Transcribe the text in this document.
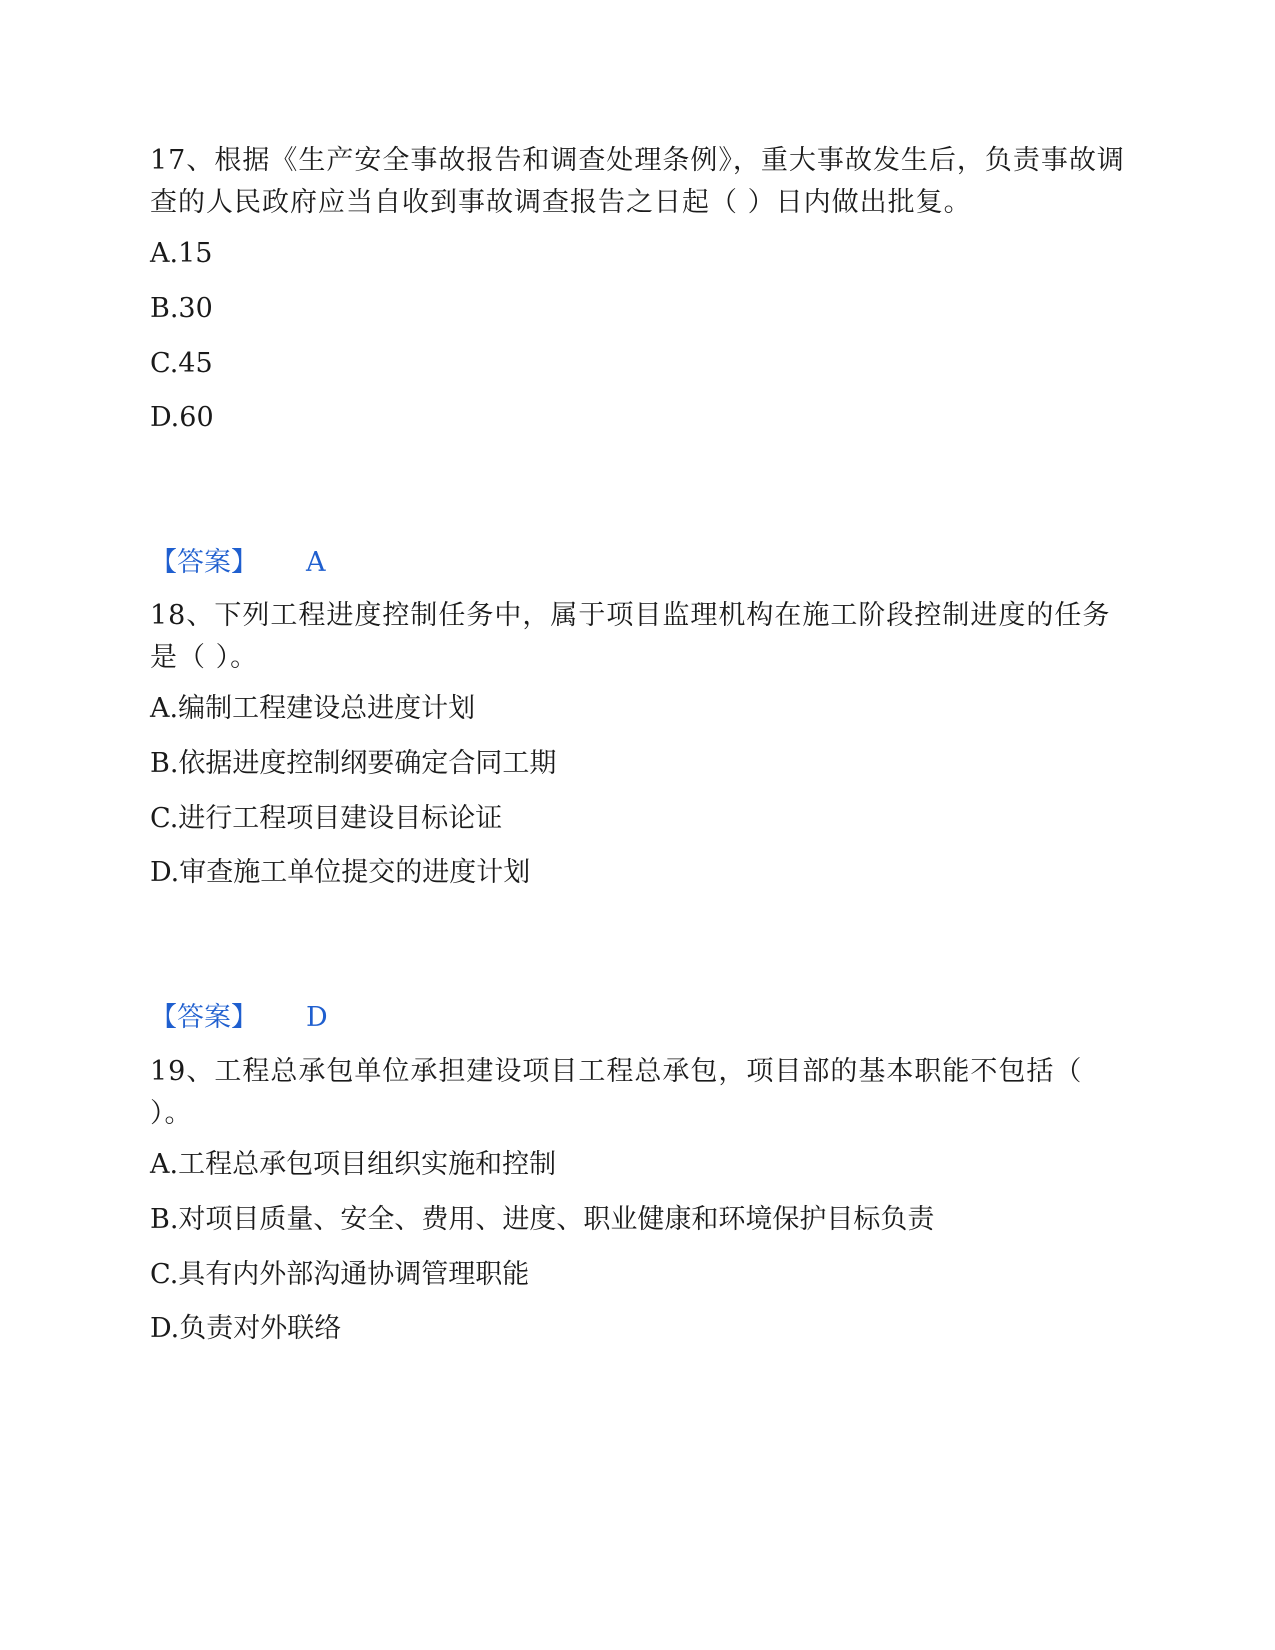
17、根据《生产安全事故报告和调查处理条例》，重大事故发生后，负责事故调查的人民政府应当自收到事故调查报告之日起（ ）日内做出批复。

A.15
B.30
C.45
D.60
【答案】 A

18、下列工程进度控制任务中，属于项目监理机构在施工阶段控制进度的任务是（ ）。

A.编制工程建设总进度计划
B.依据进度控制纲要确定合同工期
C.进行工程项目建设目标论证
D.审查施工单位提交的进度计划
【答案】 D

19、工程总承包单位承担建设项目工程总承包，项目部的基本职能不包括（ ）。

A.工程总承包项目组织实施和控制
B.对项目质量、安全、费用、进度、职业健康和环境保护目标负责
C.具有内外部沟通协调管理职能
D.负责对外联络
